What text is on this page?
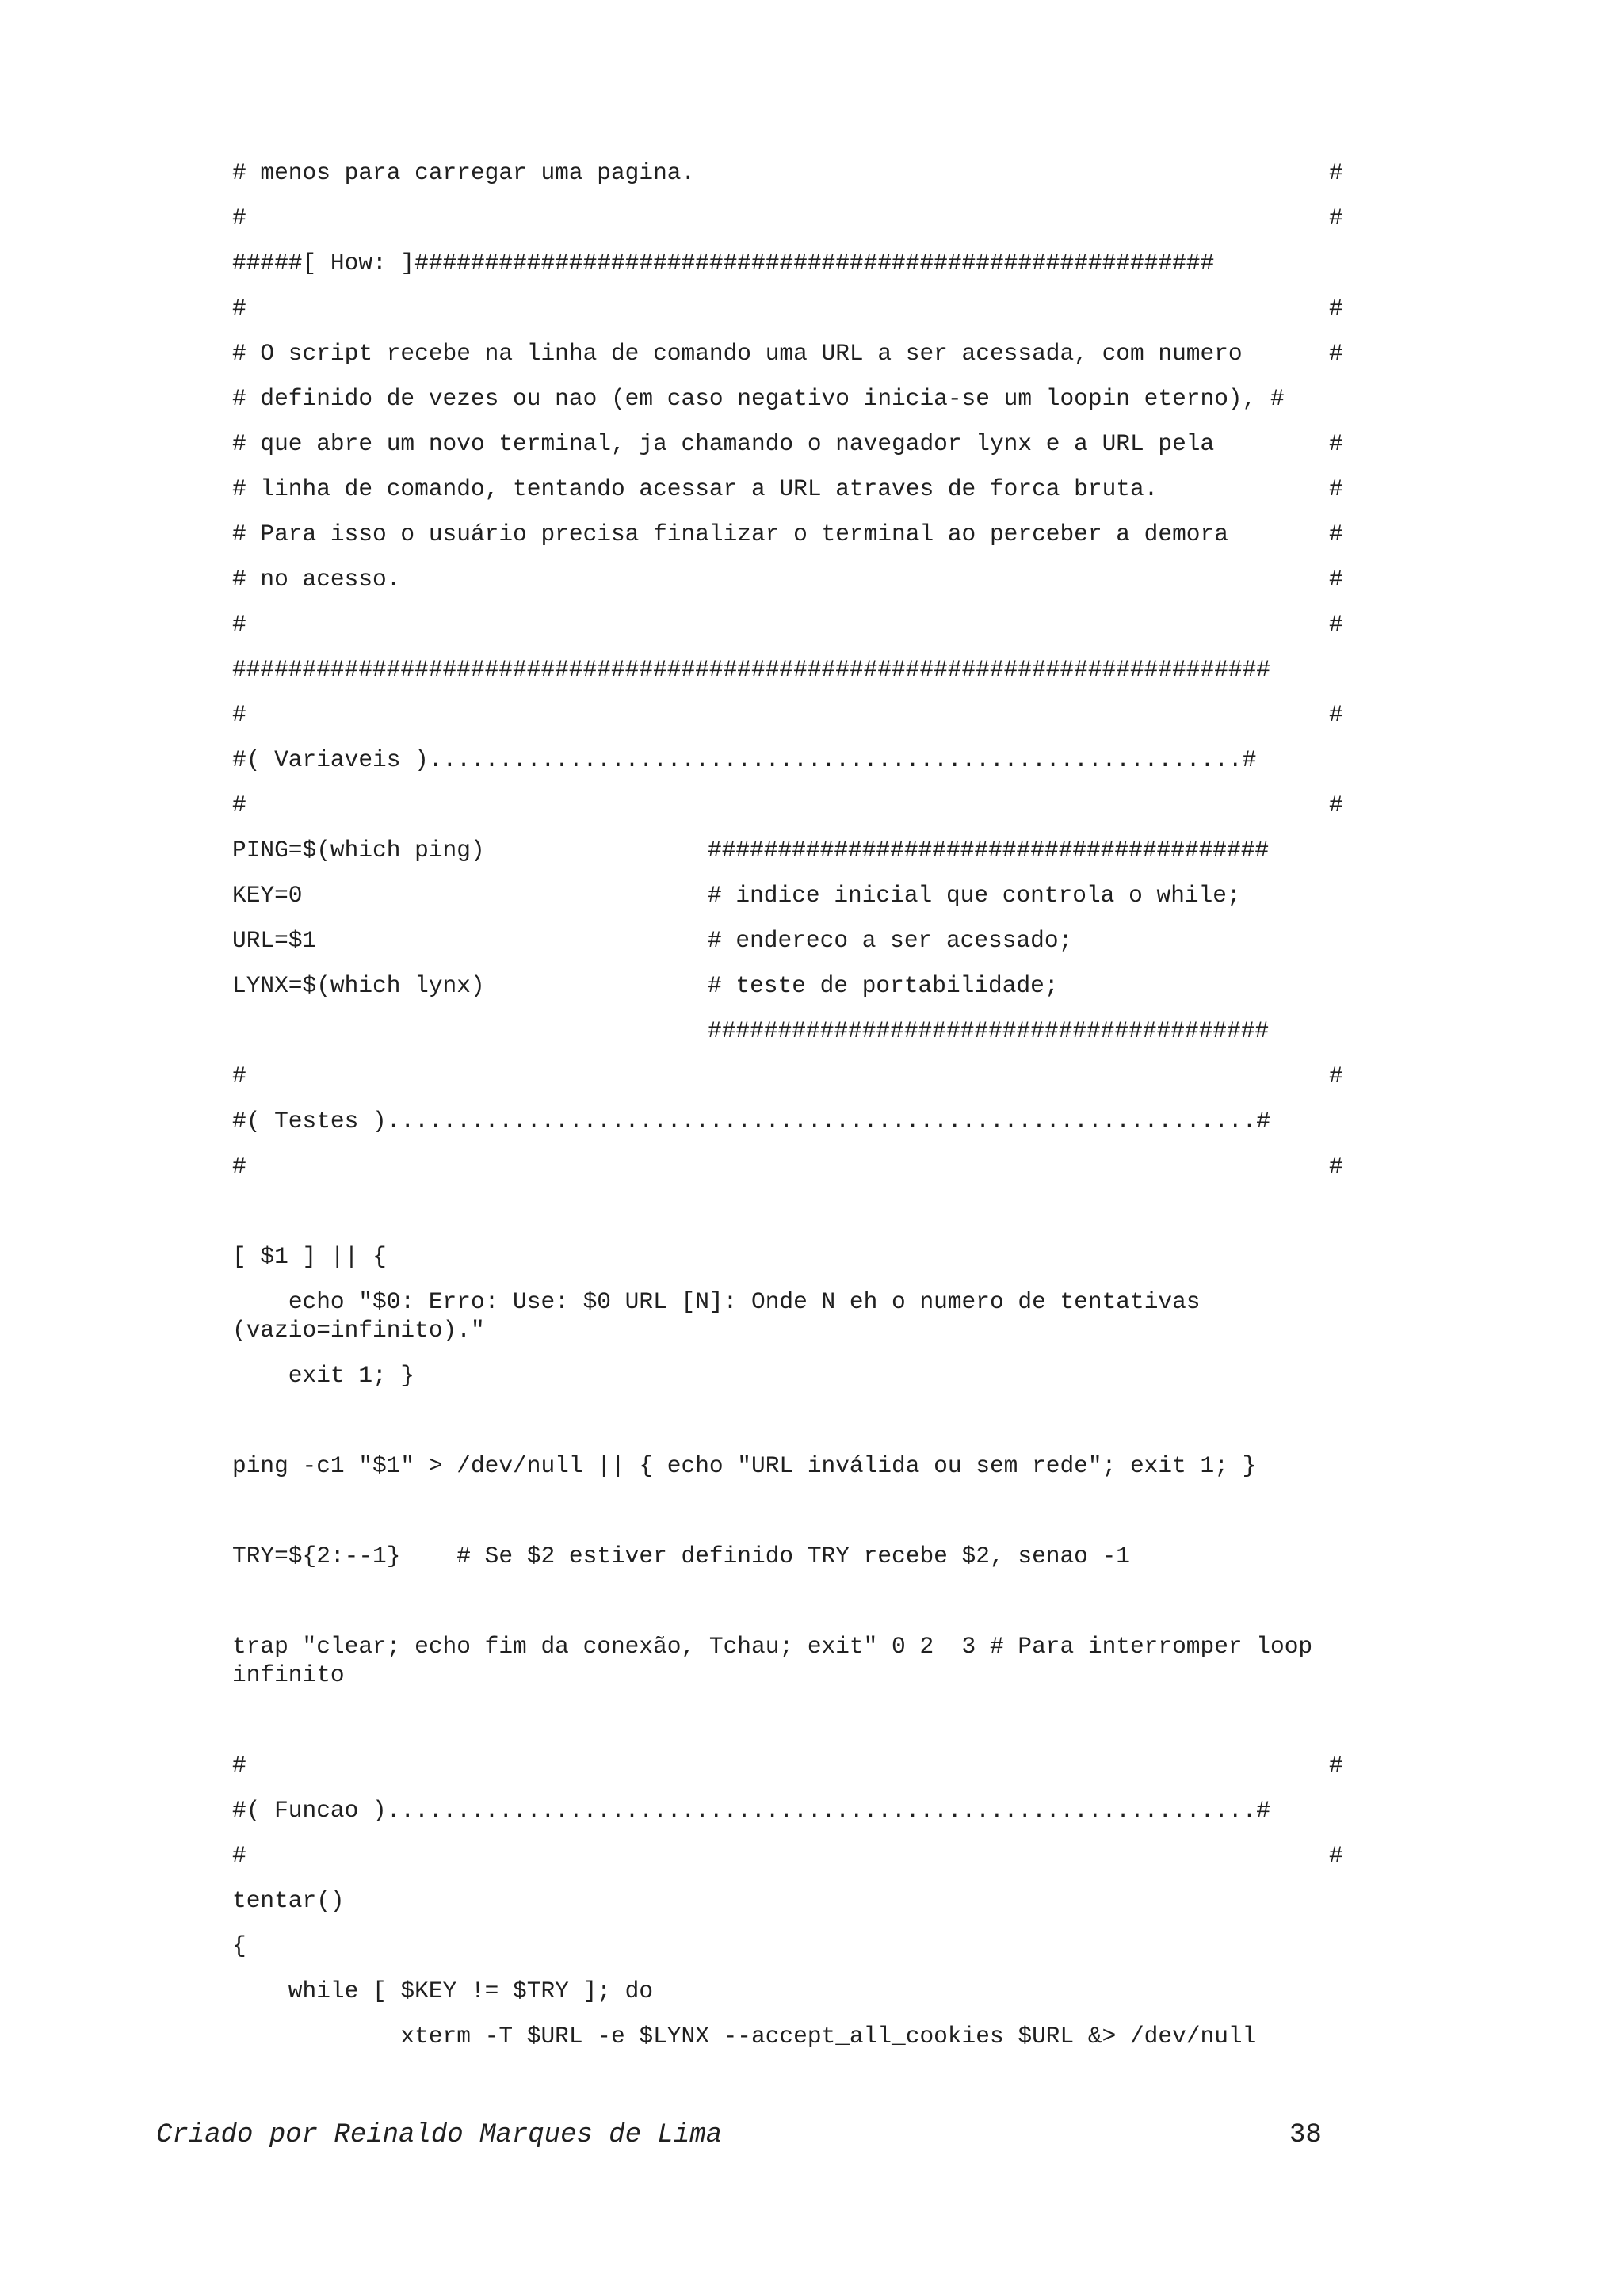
# menos para carregar uma pagina.	#
#	#
#####[ How: ]#########################################################
#	#
# O script recebe na linha de comando uma URL a ser acessada, com numero	#
# definido de vezes ou nao (em caso negativo inicia-se um loopin eterno), #
# que abre um novo terminal, ja chamando o navegador lynx e a URL pela	#
# linha de comando, tentando acessar a URL atraves de forca bruta.	#
# Para isso o usuário precisa finalizar o terminal ao perceber a demora	#
# no acesso.	#
#	#
##########################################################################
#	#
#( Variaveis )..........................................................#
#	#
PING=$(which ping)	########################################
KEY=0	# indice inicial que controla o while;
URL=$1	# endereco a ser acessado;
LYNX=$(which lynx)	# teste de portabilidade;
########################################
#	#
#( Testes )..............................................................#
#	#
[ $1 ] || {
echo "$0: Erro: Use: $0 URL [N]: Onde N eh o numero de tentativas (vazio=infinito)."
exit 1; }
ping -c1 "$1" > /dev/null || { echo "URL inválida ou sem rede"; exit 1; }
TRY=${2:--1}    # Se $2 estiver definido TRY recebe $2, senao -1
trap "clear; echo fim da conexão, Tchau; exit" 0 2  3 # Para interromper loop infinito
#	#
#( Funcao )..............................................................#
#	#
tentar()
{
while [ $KEY != $TRY ]; do
xterm -T $URL -e $LYNX --accept_all_cookies $URL &> /dev/null
Criado por Reinaldo Marques de Lima	38
